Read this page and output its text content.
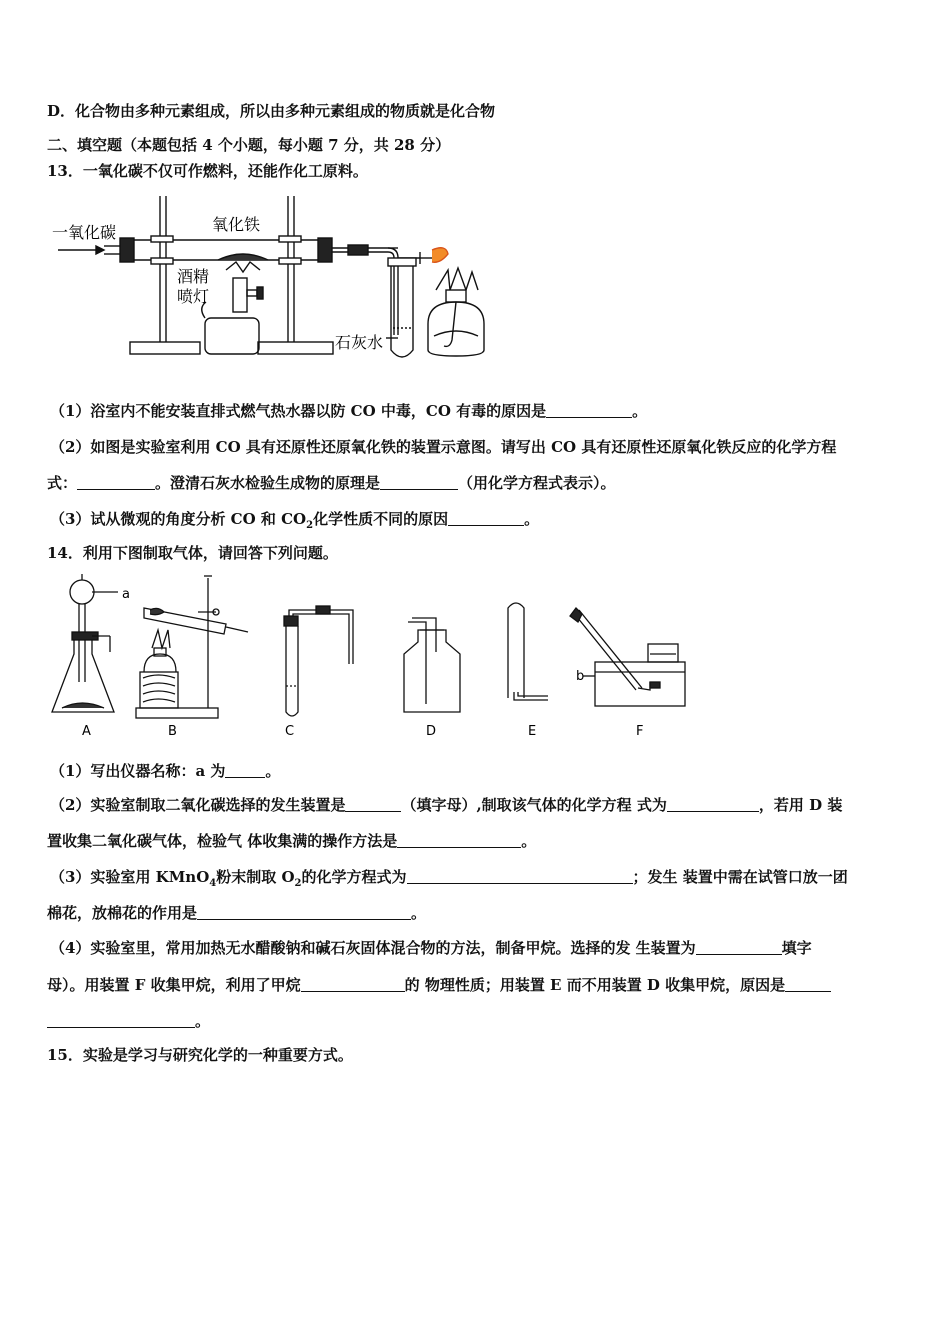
D．化合物由多种元素组成，所以由多种元素组成的物质就是化合物
二、填空题（本题包括 4 个小题，每小题 7 分，共 28 分）
13．一氧化碳不仅可作燃料，还能作化工原料。
一氧化碳	氧化铁
酒精
喷灯
石灰水
（1）浴室内不能安装直排式燃气热水器以防 CO 中毒，CO 有毒的原因是	。
（2）如图是实验室利用 CO 具有还原性还原氧化铁的装置示意图。请写出 CO 具有还原性还原氧化铁反应的化学方程
式：	。澄清石灰水检验生成物的原理是	（用化学方程式表示）。
（3）试从微观的角度分析 CO 和 $CO_2$化学性质不同的原因	。
14．利用下图制取气体，请回答下列问题。
a
b
A	B	C	D	E	F
（1）写出仪器名称：a 为	。
（2）实验室制取二氧化碳选择的发生装置是	（填字母）,制取该气体的化学方程 式为	，若用 D 装
置收集二氧化碳气体，检验气 体收集满的操作方法是	。
（3）实验室用 KMnO$_4$粉末制取 $O_2$的化学方程式为	；发生 装置中需在试管口放一团
棉花，放棉花的作用是	。
（4）实验室里，常用加热无水醋酸钠和碱石灰固体混合物的方法，制备甲烷。选择的发 生装置为	填字
母）。用装置 F 收集甲烷，利用了甲烷	的 物理性质；用装置 E 而不用装置 D 收集甲烷，原因是
。
15．实验是学习与研究化学的一种重要方式。
